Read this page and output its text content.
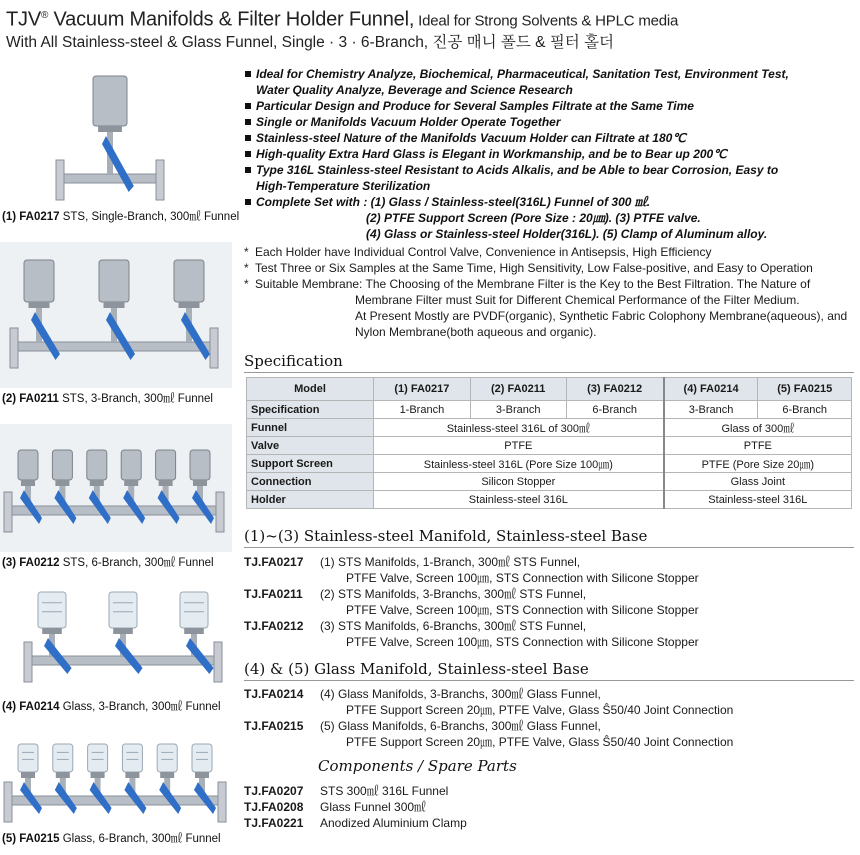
TJV® Vacuum Manifolds & Filter Holder Funnel, Ideal for Strong Solvents & HPLC media
With All Stainless-steel & Glass Funnel, Single · 3 · 6-Branch, 진공 매니 폴드 & 필터 홀더
(1) FA0217 STS, Single-Branch, 300㎖ Funnel
(2) FA0211 STS, 3-Branch, 300㎖ Funnel
(3) FA0212 STS, 6-Branch, 300㎖ Funnel
(4) FA0214 Glass, 3-Branch, 300㎖ Funnel
(5) FA0215 Glass, 6-Branch, 300㎖ Funnel
Ideal for Chemistry Analyze, Biochemical, Pharmaceutical, Sanitation Test, Environment Test,
Water Quality Analyze, Beverage and Science Research
Particular Design and Produce for Several Samples Filtrate at the Same Time
Single or Manifolds Vacuum Holder Operate Together
Stainless-steel Nature of the Manifolds Vacuum Holder can Filtrate at 180℃
High-quality Extra Hard Glass is Elegant in Workmanship, and be to Bear up 200℃
Type 316L Stainless-steel Resistant to Acids Alkalis, and be Able to bear Corrosion, Easy to
High-Temperature Sterilization
Complete Set with : (1) Glass / Stainless-steel(316L) Funnel of 300 ㎖.
(2) PTFE Support Screen (Pore Size : 20㎛). (3) PTFE valve.
(4) Glass or Stainless-steel Holder(316L). (5) Clamp of Aluminum alloy.
* Each Holder have Individual Control Valve, Convenience in Antisepsis, High Efficiency
* Test Three or Six Samples at the Same Time, High Sensitivity, Low False-positive, and Easy to Operation
* Suitable Membrane: The Choosing of the Membrane Filter is the Key to the Best Filtration. The Nature of
Membrane Filter must Suit for Different Chemical Performance of the Filter Medium.
At Present Mostly are PVDF(organic), Synthetic Fabric Colophony Membrane(aqueous), and
Nylon Membrane(both aqueous and organic).
Specification
Model	(1) FA0217	(2) FA0211	(3) FA0212	(4) FA0214	(5) FA0215
Specification	1-Branch	3-Branch	6-Branch	3-Branch	6-Branch
Funnel	Stainless-steel 316L of 300㎖			Glass of 300㎖	
Valve	PTFE			PTFE	
Support Screen	Stainless-steel 316L (Pore Size 100㎛)			PTFE (Pore Size 20㎛)	
Connection	Silicon Stopper			Glass Joint	
Holder	Stainless-steel 316L			Stainless-steel 316L	
(1)~(3) Stainless-steel Manifold, Stainless-steel Base
TJ.FA0217	(1) STS Manifolds, 1-Branch, 300㎖ STS Funnel,
PTFE Valve, Screen 100㎛, STS Connection with Silicone Stopper
TJ.FA0211	(2) STS Manifolds, 3-Branchs, 300㎖ STS Funnel,
PTFE Valve, Screen 100㎛, STS Connection with Silicone Stopper
TJ.FA0212	(3) STS Manifolds, 6-Branchs, 300㎖ STS Funnel,
PTFE Valve, Screen 100㎛, STS Connection with Silicone Stopper
(4) & (5) Glass Manifold, Stainless-steel Base
TJ.FA0214	(4) Glass Manifolds, 3-Branchs, 300㎖ Glass Funnel,
PTFE Support Screen 20㎛, PTFE Valve, Glass Ŝ50/40 Joint Connection
TJ.FA0215	(5) Glass Manifolds, 6-Branchs, 300㎖ Glass Funnel,
PTFE Support Screen 20㎛, PTFE Valve, Glass Ŝ50/40 Joint Connection
Components / Spare Parts
TJ.FA0207	STS 300㎖ 316L Funnel
TJ.FA0208	Glass Funnel 300㎖
TJ.FA0221	Anodized Aluminium Clamp
